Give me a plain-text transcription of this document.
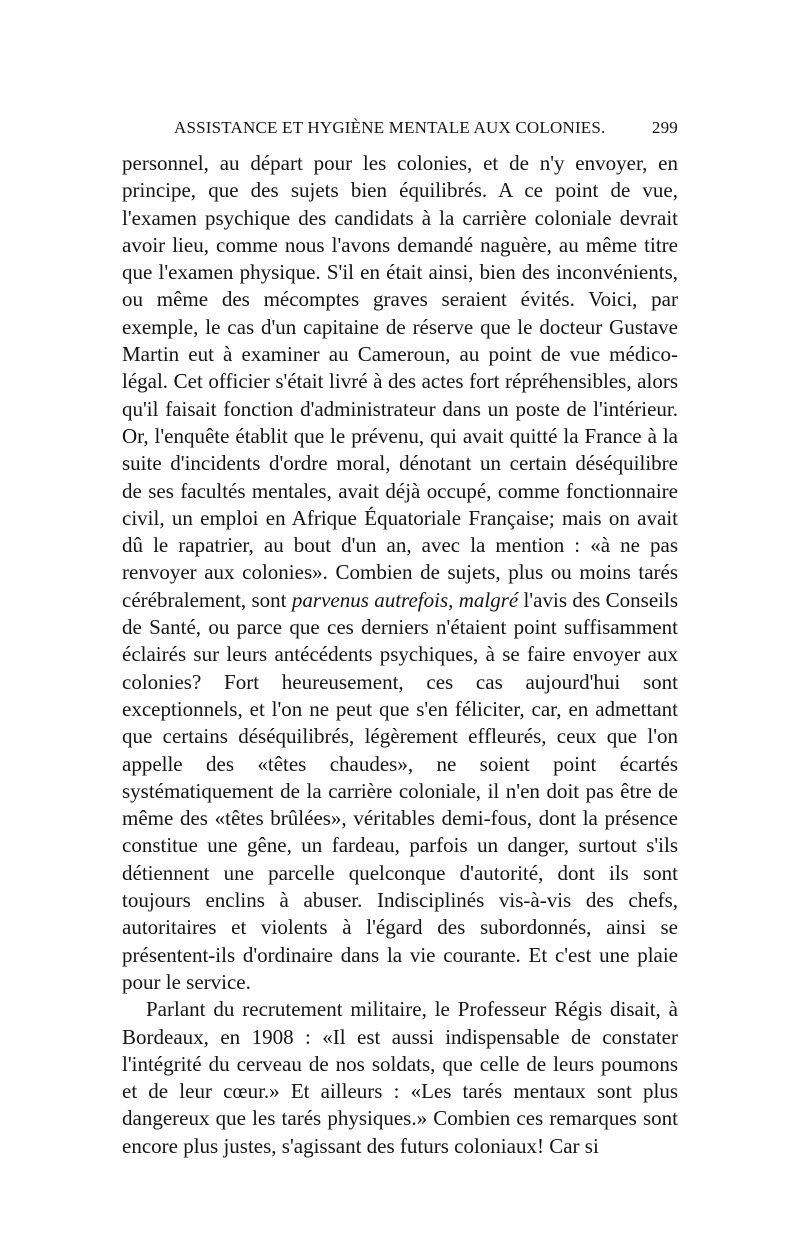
ASSISTANCE ET HYGIÈNE MENTALE AUX COLONIES.	299

personnel, au départ pour les colonies, et de n'y envoyer, en principe, que des sujets bien équilibrés. A ce point de vue, l'examen psychique des candidats à la carrière coloniale devrait avoir lieu, comme nous l'avons demandé naguère, au même titre que l'examen physique. S'il en était ainsi, bien des inconvénients, ou même des mécomptes graves seraient évités. Voici, par exemple, le cas d'un capitaine de réserve que le docteur Gustave Martin eut à examiner au Cameroun, au point de vue médico-légal. Cet officier s'était livré à des actes fort répréhensibles, alors qu'il faisait fonction d'administrateur dans un poste de l'intérieur. Or, l'enquête établit que le prévenu, qui avait quitté la France à la suite d'incidents d'ordre moral, dénotant un certain déséquilibre de ses facultés mentales, avait déjà occupé, comme fonctionnaire civil, un emploi en Afrique Équatoriale Française; mais on avait dû le rapatrier, au bout d'un an, avec la mention : «à ne pas renvoyer aux colonies». Combien de sujets, plus ou moins tarés cérébralement, sont parvenus autrefois, malgré l'avis des Conseils de Santé, ou parce que ces derniers n'étaient point suffisamment éclairés sur leurs antécédents psychiques, à se faire envoyer aux colonies? Fort heureusement, ces cas aujourd'hui sont exceptionnels, et l'on ne peut que s'en féliciter, car, en admettant que certains déséquilibrés, légèrement effleurés, ceux que l'on appelle des «têtes chaudes», ne soient point écartés systématiquement de la carrière coloniale, il n'en doit pas être de même des «têtes brûlées», véritables demi-fous, dont la présence constitue une gêne, un fardeau, parfois un danger, surtout s'ils détiennent une parcelle quelconque d'autorité, dont ils sont toujours enclins à abuser. Indisciplinés vis-à-vis des chefs, autoritaires et violents à l'égard des subordonnés, ainsi se présentent-ils d'ordinaire dans la vie courante. Et c'est une plaie pour le service.

Parlant du recrutement militaire, le Professeur Régis disait, à Bordeaux, en 1908 : «Il est aussi indispensable de constater l'intégrité du cerveau de nos soldats, que celle de leurs poumons et de leur cœur.» Et ailleurs : «Les tarés mentaux sont plus dangereux que les tarés physiques.» Combien ces remarques sont encore plus justes, s'agissant des futurs coloniaux! Car si
